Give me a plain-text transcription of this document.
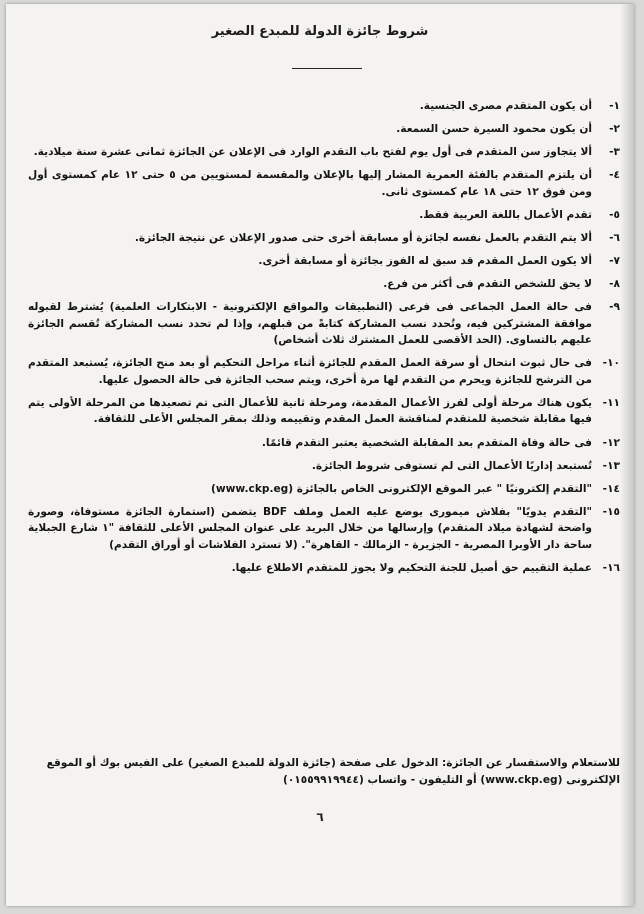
شروط جائزة الدولة للمبدع الصغير
١-
أن يكون المتقدم مصرى الجنسية.
٢-
أن يكون محمود السيرة حسن السمعة.
٣-
ألا يتجاوز سن المتقدم فى أول يوم لفتح باب التقدم الوارد فى الإعلان عن الجائزة ثمانى عشرة سنة ميلادية.
٤-
أن يلتزم المتقدم بالفئة العمرية المشار إليها بالإعلان والمقسمة لمستويين من ٥ حتى ١٢ عام كمستوى أول ومن فوق ١٢ حتى ١٨ عام كمستوى ثانى.
٥-
تقدم الأعمال باللغة العربية فقط.
٦-
ألا يتم التقدم بالعمل نفسه لجائزة أو مسابقة أخرى حتى صدور الإعلان عن نتيجة الجائزة.
٧-
ألا يكون العمل المقدم قد سبق له الفوز بجائزة أو مسابقة أخرى.
٨-
لا يحق للشخص التقدم فى أكثر من فرع.
٩-
فى حالة العمل الجماعى فى فرعى (التطبيقات والمواقع الإلكترونية - الابتكارات العلمية) يُشترط لقبوله موافقة المشتركين فيه، وتُحدد نسب المشاركة كتابةً من قبلهم، وإذا لم تحدد نسب المشاركة تُقسم الجائزة عليهم بالتساوى. (الحد الأقصى للعمل المشترك ثلاث أشخاص)
١٠-
فى حال ثبوت انتحال أو سرقة العمل المقدم للجائزة أثناء مراحل التحكيم أو بعد منح الجائزة، يُستبعد المتقدم من الترشح للجائزة ويحرم من التقدم لها مرة أخرى، ويتم سحب الجائزة فى حالة الحصول عليها.
١١-
يكون هناك مرحلة أولى لفرز الأعمال المقدمة، ومرحلة ثانية للأعمال التى تم تصعيدها من المرحلة الأولى يتم فيها مقابلة شخصية للمتقدم لمناقشة العمل المقدم وتقييمه وذلك بمقر المجلس الأعلى للثقافة.
١٢-
فى حالة وفاة المتقدم بعد المقابلة الشخصية يعتبر التقدم قائمًا.
١٣-
تُستبعد إداريًا الأعمال التى لم تستوفى شروط الجائزة.
١٤-
"التقدم إلكترونيًا " عبر الموقع الإلكترونى الخاص بالجائزة (www.ckp.eg)
١٥-
"التقدم يدويًا" بفلاش ميمورى يوضع عليه العمل وملف BDF يتضمن (استمارة الجائزة مستوفاة، وصورة واضحة لشهادة ميلاد المتقدم) وإرسالها من خلال البريد على عنوان المجلس الأعلى للثقافة "١ شارع الجبلاية ساحة دار الأوبرا المصرية - الجزيرة - الزمالك - القاهرة". (لا تسترد الفلاشات أو أوراق التقدم)
١٦-
عملية التقييم حق أصيل للجنة التحكيم ولا يجوز للمتقدم الاطلاع عليها.
للاستعلام والاستفسار عن الجائزة: الدخول على صفحة (جائزة الدولة للمبدع الصغير) على الفيس بوك أو الموقع الإلكترونى (www.ckp.eg) أو التليفون - واتساب (٠١٥٥٩٩١٩٩٤٤)
٦
